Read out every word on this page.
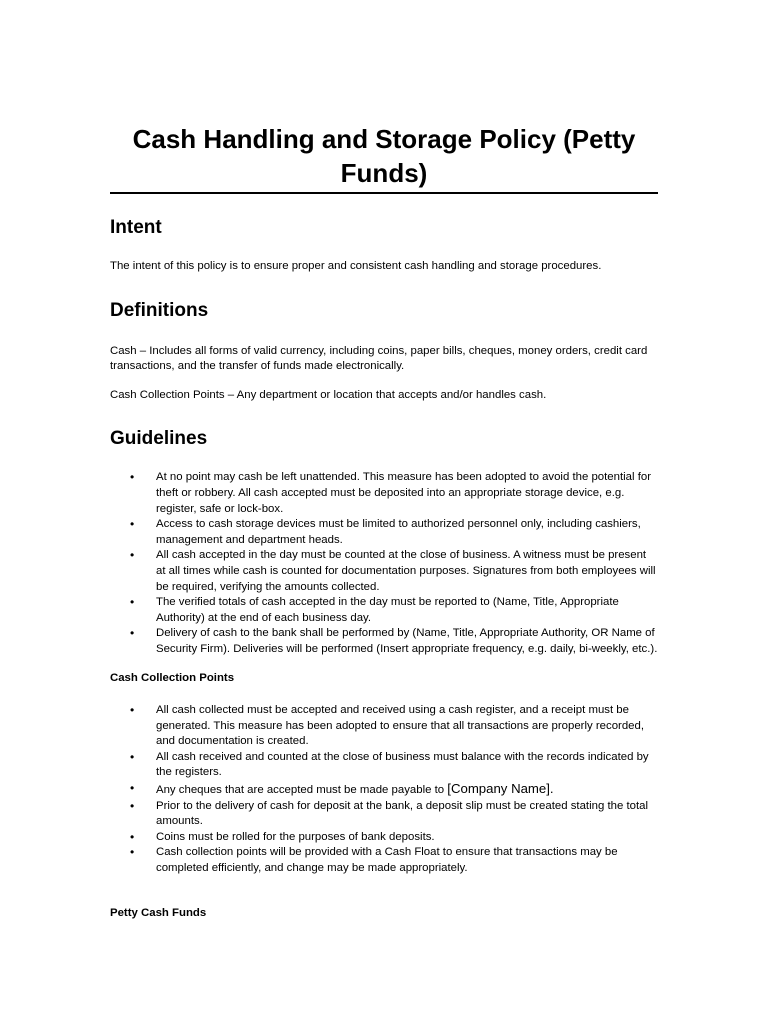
Cash Handling and Storage Policy (Petty Funds)
Intent

The intent of this policy is to ensure proper and consistent cash handling and storage procedures.

Definitions

Cash – Includes all forms of valid currency, including coins, paper bills, cheques, money orders, credit card transactions, and the transfer of funds made electronically.

Cash Collection Points – Any department or location that accepts and/or handles cash.

Guidelines
• At no point may cash be left unattended. This measure has been adopted to avoid the potential for theft or robbery. All cash accepted must be deposited into an appropriate storage device, e.g. register, safe or lock-box.
• Access to cash storage devices must be limited to authorized personnel only, including cashiers, management and department heads.
• All cash accepted in the day must be counted at the close of business. A witness must be present at all times while cash is counted for documentation purposes. Signatures from both employees will be required, verifying the amounts collected.
• The verified totals of cash accepted in the day must be reported to (Name, Title, Appropriate Authority) at the end of each business day.
• Delivery of cash to the bank shall be performed by (Name, Title, Appropriate Authority, OR Name of Security Firm). Deliveries will be performed (Insert appropriate frequency, e.g. daily, bi-weekly, etc.).
Cash Collection Points
• All cash collected must be accepted and received using a cash register, and a receipt must be generated. This measure has been adopted to ensure that all transactions are properly recorded, and documentation is created.
• All cash received and counted at the close of business must balance with the records indicated by the registers.
• Any cheques that are accepted must be made payable to [Company Name].
• Prior to the delivery of cash for deposit at the bank, a deposit slip must be created stating the total amounts.
• Coins must be rolled for the purposes of bank deposits.
• Cash collection points will be provided with a Cash Float to ensure that transactions may be completed efficiently, and change may be made appropriately.
Petty Cash Funds
